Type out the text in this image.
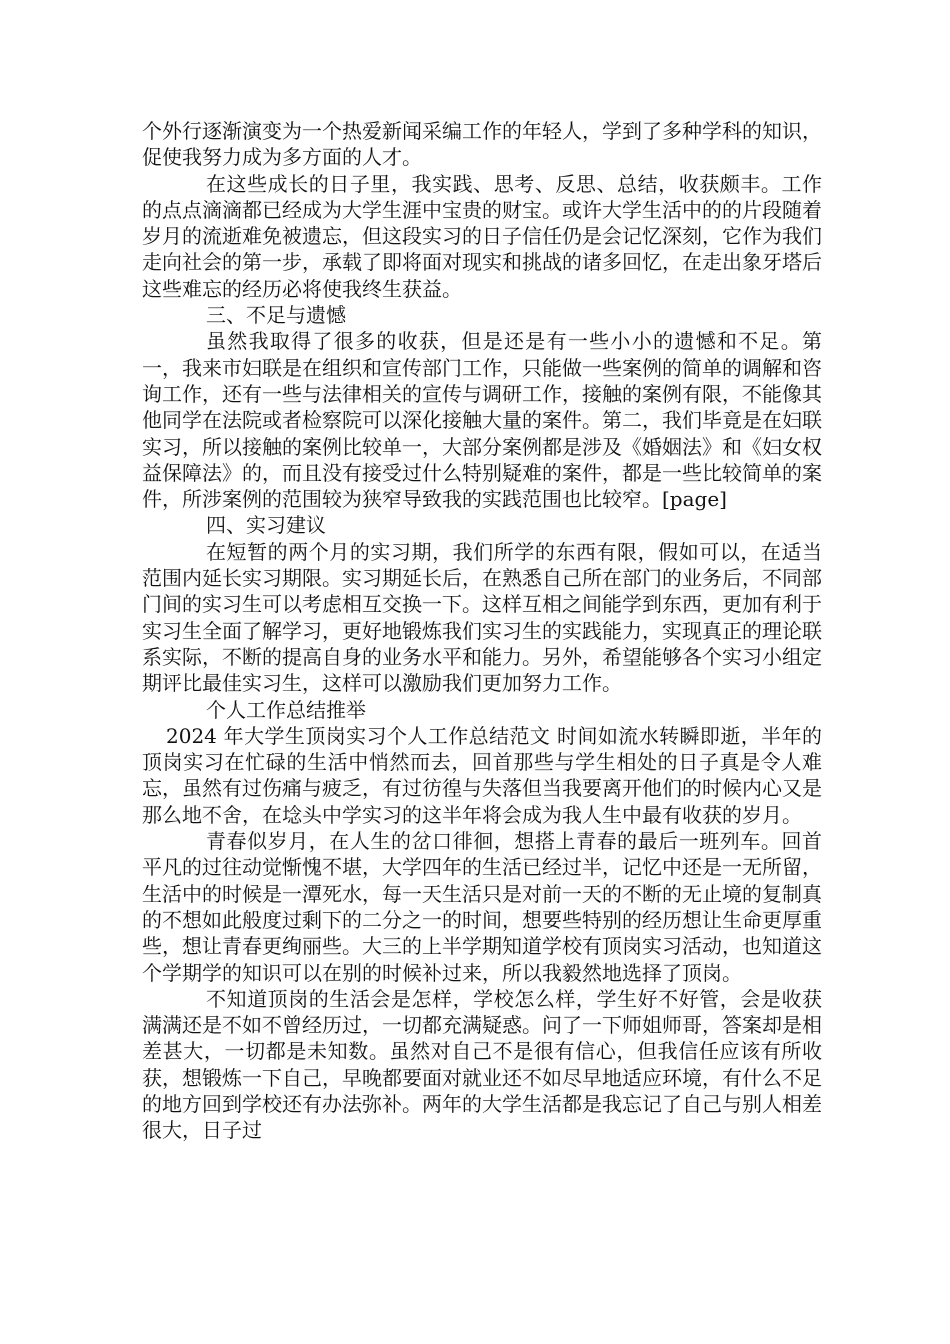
个外行逐渐演变为一个热爱新闻采编工作的年轻人，学到了多种学科的知识，促使我努力成为多方面的人才。

在这些成长的日子里，我实践、思考、反思、总结，收获颇丰。工作的点点滴滴都已经成为大学生涯中宝贵的财宝。或许大学生活中的的片段随着岁月的流逝难免被遗忘，但这段实习的日子信任仍是会记忆深刻，它作为我们走向社会的第一步，承载了即将面对现实和挑战的诸多回忆，在走出象牙塔后这些难忘的经历必将使我终生获益。

三、不足与遗憾

虽然我取得了很多的收获，但是还是有一些小小的遗憾和不足。第一，我来市妇联是在组织和宣传部门工作，只能做一些案例的简单的调解和咨询工作，还有一些与法律相关的宣传与调研工作，接触的案例有限，不能像其他同学在法院或者检察院可以深化接触大量的案件。第二，我们毕竟是在妇联实习，所以接触的案例比较单一，大部分案例都是涉及《婚姻法》和《妇女权益保障法》的，而且没有接受过什么特别疑难的案件，都是一些比较简单的案件，所涉案例的范围较为狭窄导致我的实践范围也比较窄。[page]

四、实习建议

在短暂的两个月的实习期，我们所学的东西有限，假如可以，在适当范围内延长实习期限。实习期延长后，在熟悉自己所在部门的业务后，不同部门间的实习生可以考虑相互交换一下。这样互相之间能学到东西，更加有利于实习生全面了解学习，更好地锻炼我们实习生的实践能力，实现真正的理论联系实际，不断的提高自身的业务水平和能力。另外，希望能够各个实习小组定期评比最佳实习生，这样可以激励我们更加努力工作。

个人工作总结推举

2024 年大学生顶岗实习个人工作总结范文 时间如流水转瞬即逝，半年的顶岗实习在忙碌的生活中悄然而去，回首那些与学生相处的日子真是令人难忘，虽然有过伤痛与疲乏，有过彷徨与失落但当我要离开他们的时候内心又是那么地不舍，在埝头中学实习的这半年将会成为我人生中最有收获的岁月。

青春似岁月，在人生的岔口徘徊，想搭上青春的最后一班列车。回首平凡的过往动觉惭愧不堪，大学四年的生活已经过半，记忆中还是一无所留，生活中的时候是一潭死水，每一天生活只是对前一天的不断的无止境的复制真的不想如此般度过剩下的二分之一的时间，想要些特别的经历想让生命更厚重些，想让青春更绚丽些。大三的上半学期知道学校有顶岗实习活动，也知道这个学期学的知识可以在别的时候补过来，所以我毅然地选择了顶岗。

不知道顶岗的生活会是怎样，学校怎么样，学生好不好管，会是收获满满还是不如不曾经历过，一切都充满疑惑。问了一下师姐师哥，答案却是相差甚大，一切都是未知数。虽然对自己不是很有信心，但我信任应该有所收获，想锻炼一下自己，早晚都要面对就业还不如尽早地适应环境，有什么不足的地方回到学校还有办法弥补。两年的大学生活都是我忘记了自己与别人相差很大，日子过
